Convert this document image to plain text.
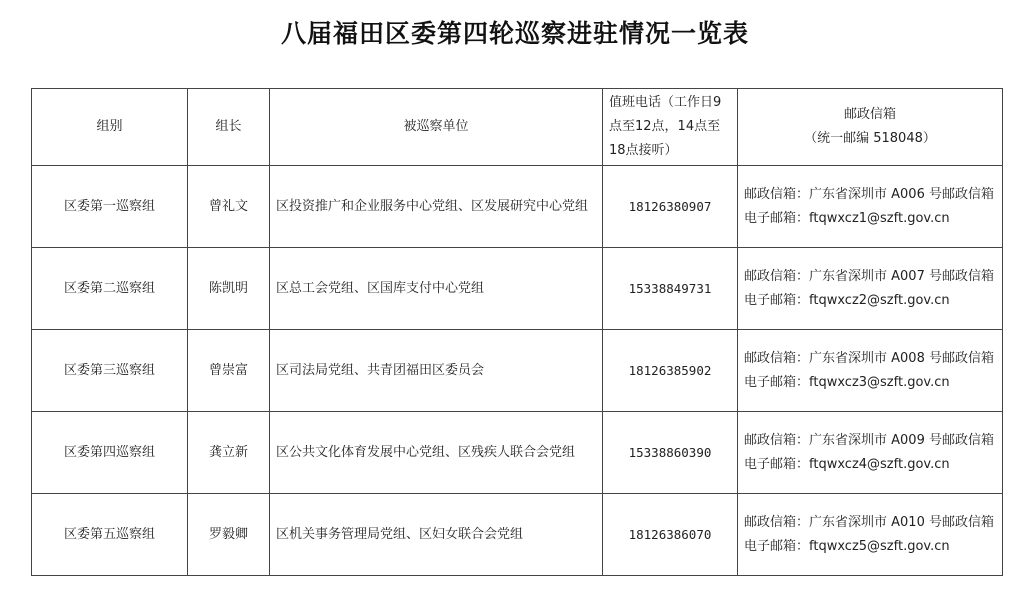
八届福田区委第四轮巡察进驻情况一览表
组别	组长	被巡察单位	值班电话（工作日9点至12点，14点至18点接听）	邮政信箱
（统一邮编 518048）

区委第一巡察组	曾礼文	区投资推广和企业服务中心党组、区发展研究中心党组	18126380907	邮政信箱：广东省深圳市 A006 号邮政信箱
电子邮箱：ftqwxcz1@szft.gov.cn

区委第二巡察组	陈凯明	区总工会党组、区国库支付中心党组	15338849731	邮政信箱：广东省深圳市 A007 号邮政信箱
电子邮箱：ftqwxcz2@szft.gov.cn

区委第三巡察组	曾崇富	区司法局党组、共青团福田区委员会	18126385902	邮政信箱：广东省深圳市 A008 号邮政信箱
电子邮箱：ftqwxcz3@szft.gov.cn

区委第四巡察组	龚立新	区公共文化体育发展中心党组、区残疾人联合会党组	15338860390	邮政信箱：广东省深圳市 A009 号邮政信箱
电子邮箱：ftqwxcz4@szft.gov.cn

区委第五巡察组	罗毅卿	区机关事务管理局党组、区妇女联合会党组	18126386070	邮政信箱：广东省深圳市 A010 号邮政信箱
电子邮箱：ftqwxcz5@szft.gov.cn
